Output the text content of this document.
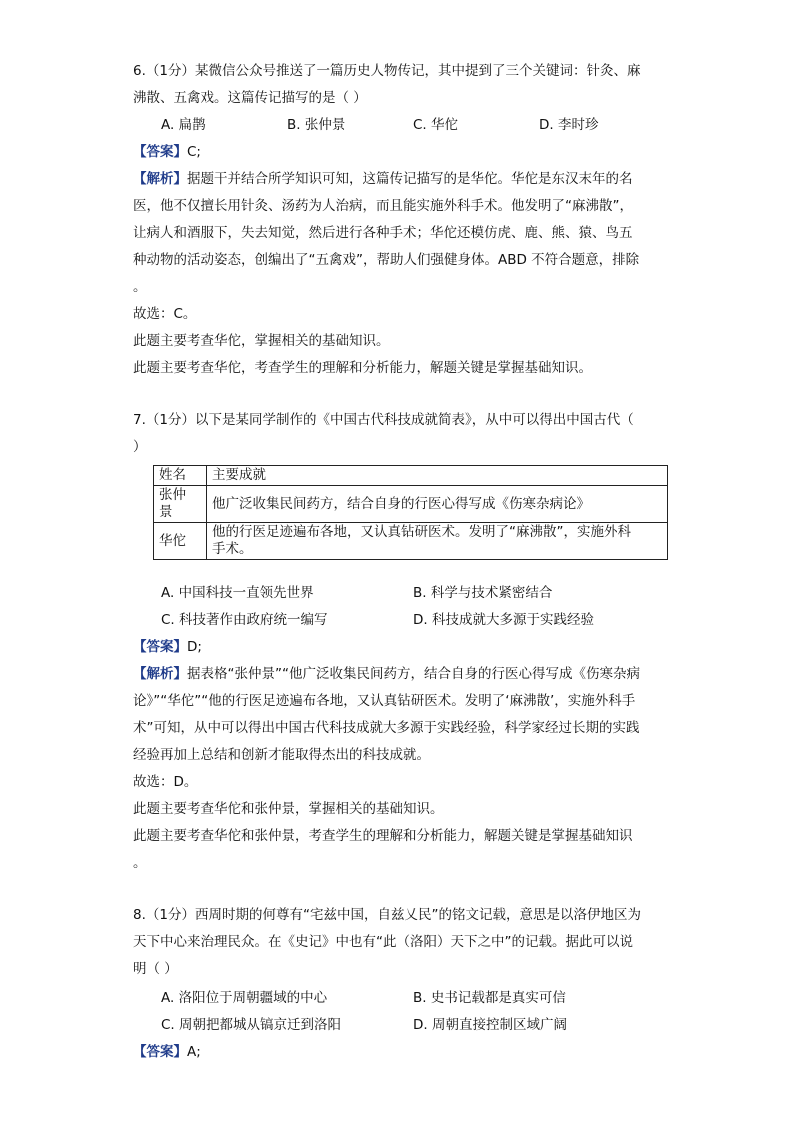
6.（1分）某微信公众号推送了一篇历史人物传记，其中提到了三个关键词：针灸、麻
沸散、五禽戏。这篇传记描写的是（ ）
A. 扁鹊	B. 张仲景	C. 华佗	D. 李时珍
【答案】C;
【解析】据题干并结合所学知识可知，这篇传记描写的是华佗。华佗是东汉末年的名
医，他不仅擅长用针灸、汤药为人治病，而且能实施外科手术。他发明了“麻沸散”，
让病人和酒服下，失去知觉，然后进行各种手术；华佗还模仿虎、鹿、熊、猿、鸟五
种动物的活动姿态，创编出了“五禽戏”，帮助人们强健身体。ABD 不符合题意，排除
。
故选：C。
此题主要考查华佗，掌握相关的基础知识。
此题主要考查华佗，考查学生的理解和分析能力，解题关键是掌握基础知识。
7.（1分）以下是某同学制作的《中国古代科技成就简表》，从中可以得出中国古代（
）
姓名	主要成就
张仲
景	他广泛收集民间药方，结合自身的行医心得写成《伤寒杂病论》
华佗	他的行医足迹遍布各地，又认真钻研医术。发明了“麻沸散”，实施外科
手术。
A. 中国科技一直领先世界	B. 科学与技术紧密结合
C. 科技著作由政府统一编写	D. 科技成就大多源于实践经验
【答案】D;
【解析】据表格“张仲景”“他广泛收集民间药方，结合自身的行医心得写成《伤寒杂病
论》”“华佗”“他的行医足迹遍布各地，又认真钻研医术。发明了‘麻沸散’，实施外科手
术”可知，从中可以得出中国古代科技成就大多源于实践经验，科学家经过长期的实践
经验再加上总结和创新才能取得杰出的科技成就。
故选：D。
此题主要考查华佗和张仲景，掌握相关的基础知识。
此题主要考查华佗和张仲景，考查学生的理解和分析能力，解题关键是掌握基础知识
。
8.（1分）西周时期的何尊有“宅兹中国，自兹乂民”的铭文记载，意思是以洛伊地区为
天下中心来治理民众。在《史记》中也有“此（洛阳）天下之中”的记载。据此可以说
明（ ）
A. 洛阳位于周朝疆域的中心	B. 史书记载都是真实可信
C. 周朝把都城从镐京迁到洛阳	D. 周朝直接控制区域广阔
【答案】A;
